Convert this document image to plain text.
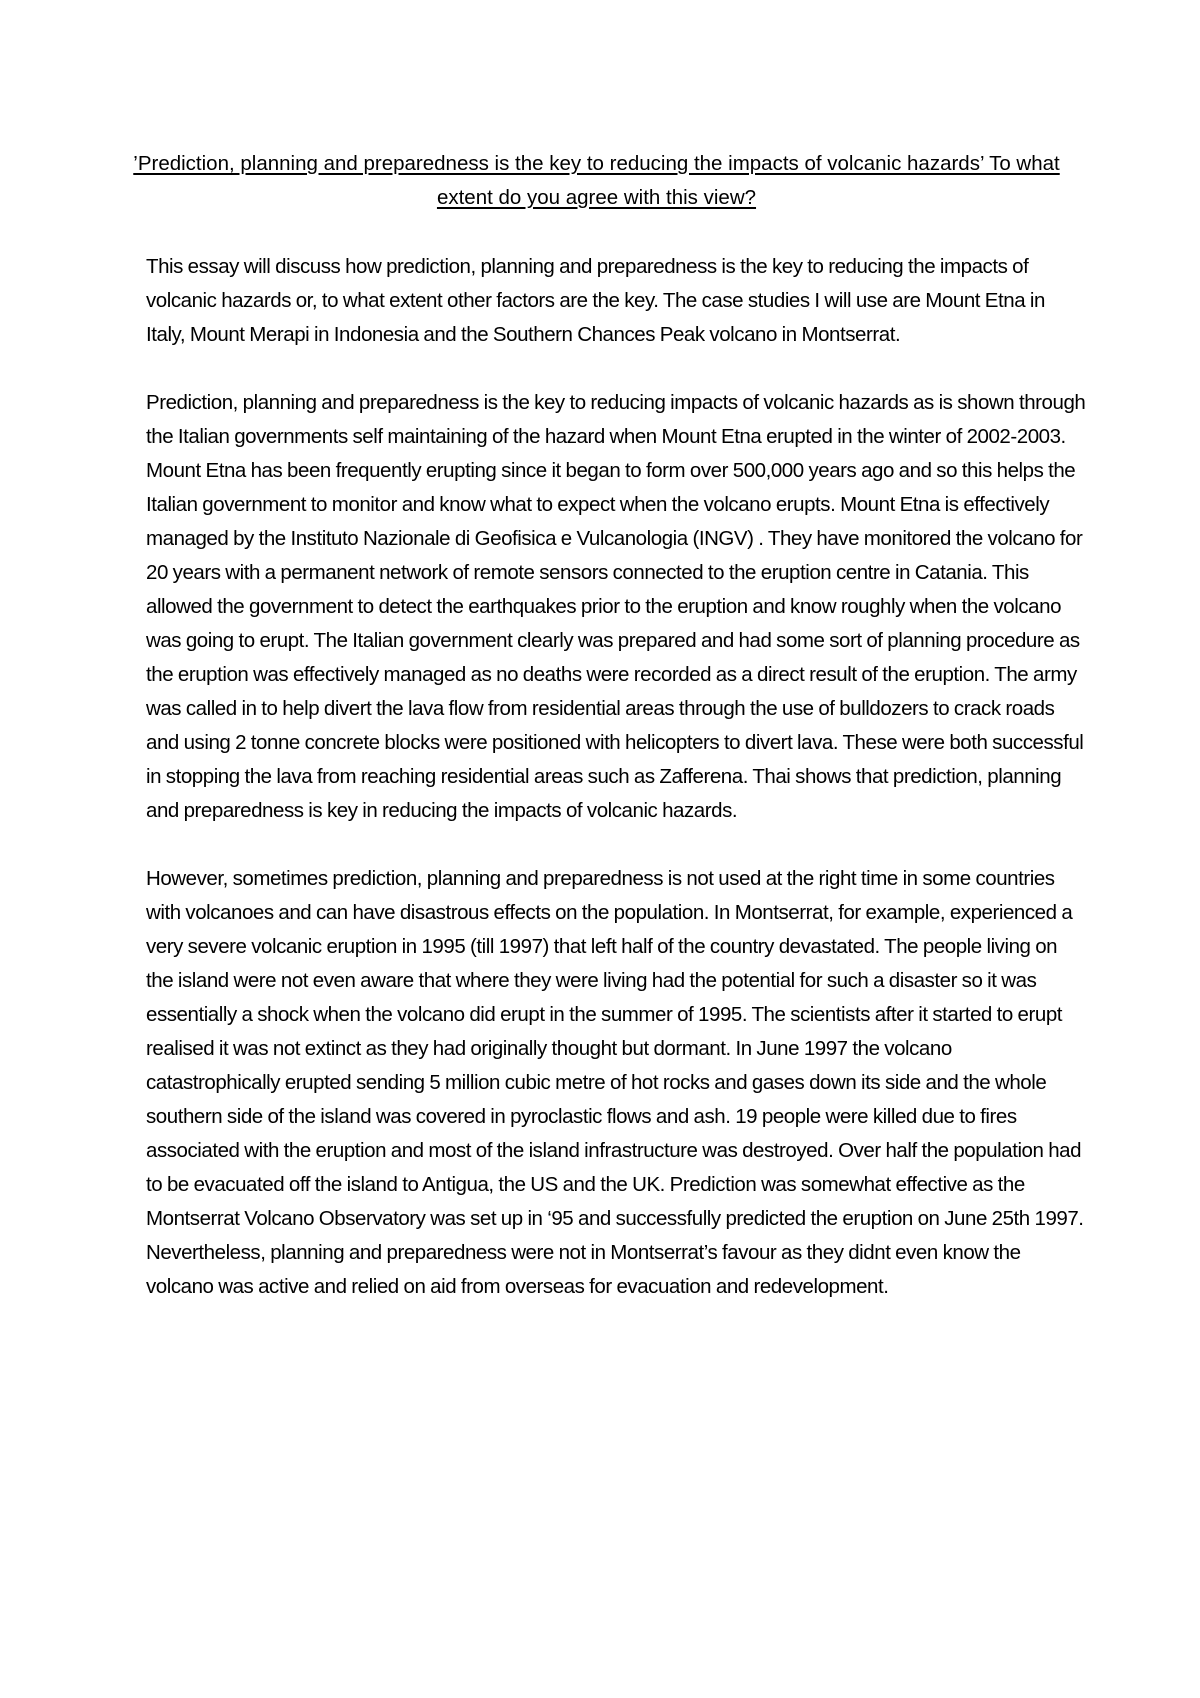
’Prediction, planning and preparedness is the key to reducing the impacts of volcanic hazards’ To what extent do you agree with this view?

This essay will discuss how prediction, planning and preparedness is the key to reducing the impacts of volcanic hazards or, to what extent other factors are the key. The case studies I will use are Mount Etna in Italy, Mount Merapi in Indonesia and the Southern Chances Peak volcano in Montserrat.

Prediction, planning and preparedness is the key to reducing impacts of volcanic hazards as is shown through the Italian governments self maintaining of the hazard when Mount Etna erupted in the winter of 2002-2003. Mount Etna has been frequently erupting since it began to form over 500,000 years ago and so this helps the Italian government to monitor and know what to expect when the volcano erupts. Mount Etna is effectively managed by the Instituto Nazionale di Geofisica e Vulcanologia (INGV) . They have monitored the volcano for 20 years with a permanent network of remote sensors connected to the eruption centre in Catania. This allowed the government to detect the earthquakes prior to the eruption and know roughly when the volcano was going to erupt. The Italian government clearly was prepared and had some sort of planning procedure as the eruption was effectively managed as no deaths were recorded as a direct result of the eruption. The army was called in to help divert the lava flow from residential areas through the use of bulldozers to crack roads and using 2 tonne concrete blocks were positioned with helicopters to divert lava. These were both successful in stopping the lava from reaching residential areas such as Zafferena. Thai shows that prediction, planning and preparedness is key in reducing the impacts of volcanic hazards.

However, sometimes prediction, planning and preparedness is not used at the right time in some countries with volcanoes and can have disastrous effects on the population. In Montserrat, for example, experienced a very severe volcanic eruption in 1995 (till 1997) that left half of the country devastated. The people living on the island were not even aware that where they were living had the potential for such a disaster so it was essentially a shock when the volcano did erupt in the summer of 1995. The scientists after it started to erupt realised it was not extinct as they had originally thought but dormant. In June 1997 the volcano catastrophically erupted sending 5 million cubic metre of hot rocks and gases down its side and the whole southern side of the island was covered in pyroclastic flows and ash. 19 people were killed due to fires associated with the eruption and most of the island infrastructure was destroyed. Over half the population had to be evacuated off the island to Antigua, the US and the UK. Prediction was somewhat effective as the Montserrat Volcano Observatory was set up in ‘95 and successfully predicted the eruption on June 25th 1997. Nevertheless, planning and preparedness were not in Montserrat’s favour as they didnt even know the volcano was active and relied on aid from overseas for evacuation and redevelopment.
